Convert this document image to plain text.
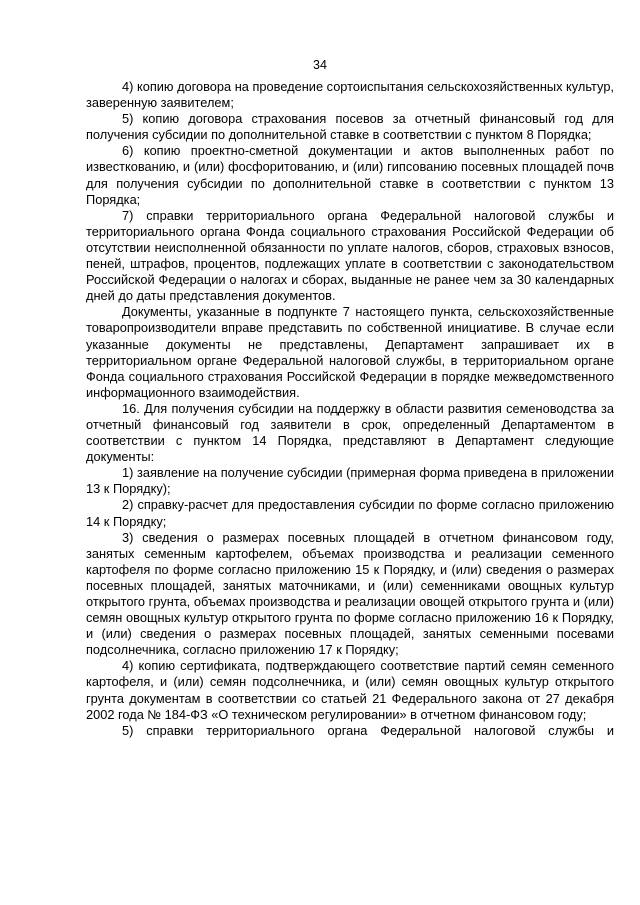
34

4) копию договора на проведение сортоиспытания сельскохозяйственных культур, заверенную заявителем;

5) копию договора страхования посевов за отчетный финансовый год для получения субсидии по дополнительной ставке в соответствии с пунктом 8 Порядка;

6) копию проектно-сметной документации и актов выполненных работ по известкованию, и (или) фосфоритованию, и (или) гипсованию посевных площадей почв для получения субсидии по дополнительной ставке в соответствии с пунктом 13 Порядка;

7) справки территориального органа Федеральной налоговой службы и территориального органа Фонда социального страхования Российской Федерации об отсутствии неисполненной обязанности по уплате налогов, сборов, страховых взносов, пеней, штрафов, процентов, подлежащих уплате в соответствии с законодательством Российской Федерации о налогах и сборах, выданные не ранее чем за 30 календарных дней до даты представления документов.

Документы, указанные в подпункте 7 настоящего пункта, сельскохозяйственные товаропроизводители вправе представить по собственной инициативе. В случае если указанные документы не представлены, Департамент запрашивает их в территориальном органе Федеральной налоговой службы, в территориальном органе Фонда социального страхования Российской Федерации в порядке межведомственного информационного взаимодействия.

16. Для получения субсидии на поддержку в области развития семеноводства за отчетный финансовый год заявители в срок, определенный Департаментом в соответствии с пунктом 14 Порядка, представляют в Департамент следующие документы:

1) заявление на получение субсидии (примерная форма приведена в приложении 13 к Порядку);

2) справку-расчет для предоставления субсидии по форме согласно приложению 14 к Порядку;

3) сведения о размерах посевных площадей в отчетном финансовом году, занятых семенным картофелем, объемах производства и реализации семенного картофеля по форме согласно приложению 15 к Порядку, и (или) сведения о размерах посевных площадей, занятых маточниками, и (или) семенниками овощных культур открытого грунта, объемах производства и реализации овощей открытого грунта и (или) семян овощных культур открытого грунта по форме согласно приложению 16 к Порядку, и (или) сведения о размерах посевных площадей, занятых семенными посевами подсолнечника, согласно приложению 17 к Порядку;

4) копию сертификата, подтверждающего соответствие партий семян семенного картофеля, и (или) семян подсолнечника, и (или) семян овощных культур открытого грунта документам в соответствии со статьей 21 Федерального закона от 27 декабря 2002 года № 184-ФЗ «О техническом регулировании» в отчетном финансовом году;

5) справки территориального органа Федеральной налоговой службы и
